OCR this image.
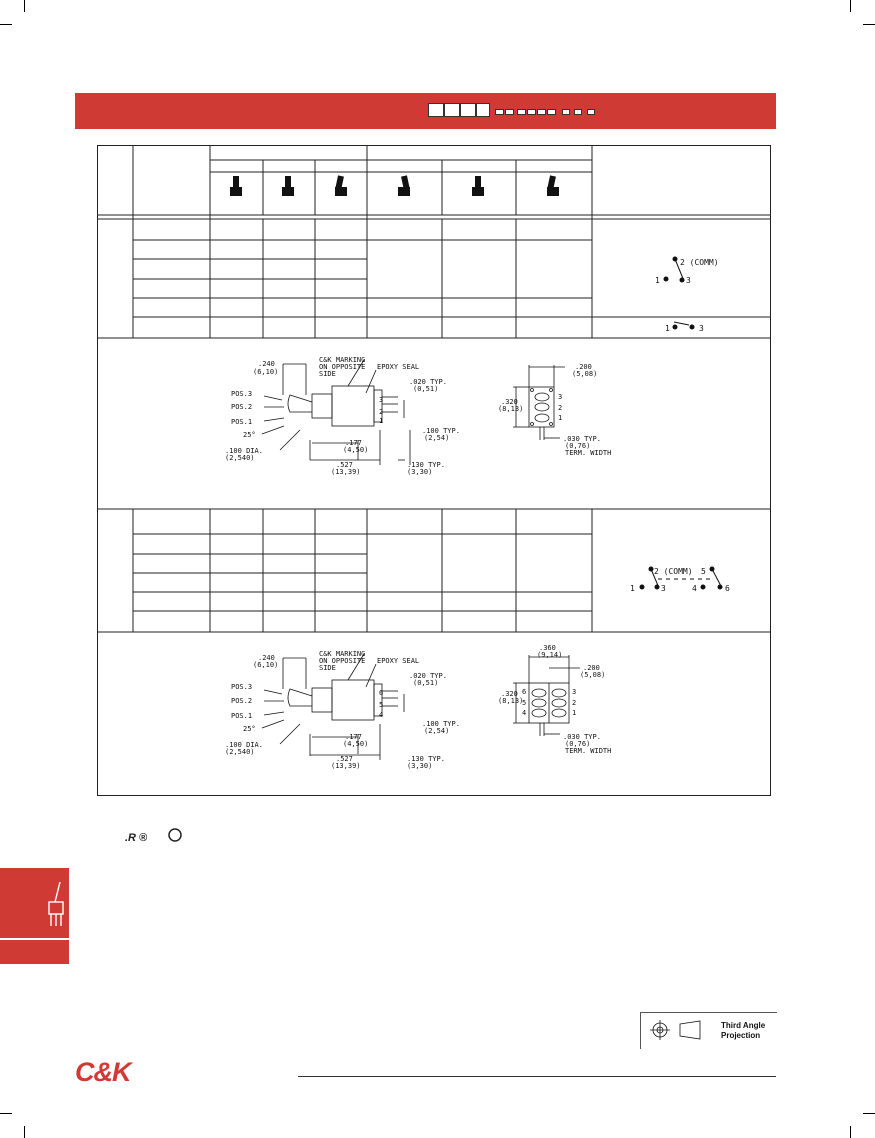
2 (COMM)
1	3
1	3
2 (COMM) 5
1	3	4	6
.240
(6,10)
C&K MARKING
ON OPPOSITE
SIDE
EPOXY SEAL
POS.3
POS.2
POS.1
25°
.020 TYP.
(0,51)
3
2
1
.100 TYP.
(2,54)
.177
(4,50)
.100 DIA.
(2,540)
.527
(13,39)
.130 TYP.
(3,30)
.200
(5,08)
.320
(8,13)
3
2
1
.030 TYP.
(0,76)
TERM. WIDTH
.240
(6,10)
C&K MARKING
ON OPPOSITE
SIDE
EPOXY SEAL
POS.3
POS.2
POS.1
25°
.020 TYP.
(0,51)
6
5
4
.100 TYP.
(2,54)
.177
(4,50)
.100 DIA.
(2,540)
.527
(13,39)
.130 TYP.
(3,30)
.360
(9,14)
.200
(5,08)
.320
(8,13)
6
5
4
3
2
1
.030 TYP.
(0,76)
TERM. WIDTH
.R ®
Third Angle
Projection
C&K
